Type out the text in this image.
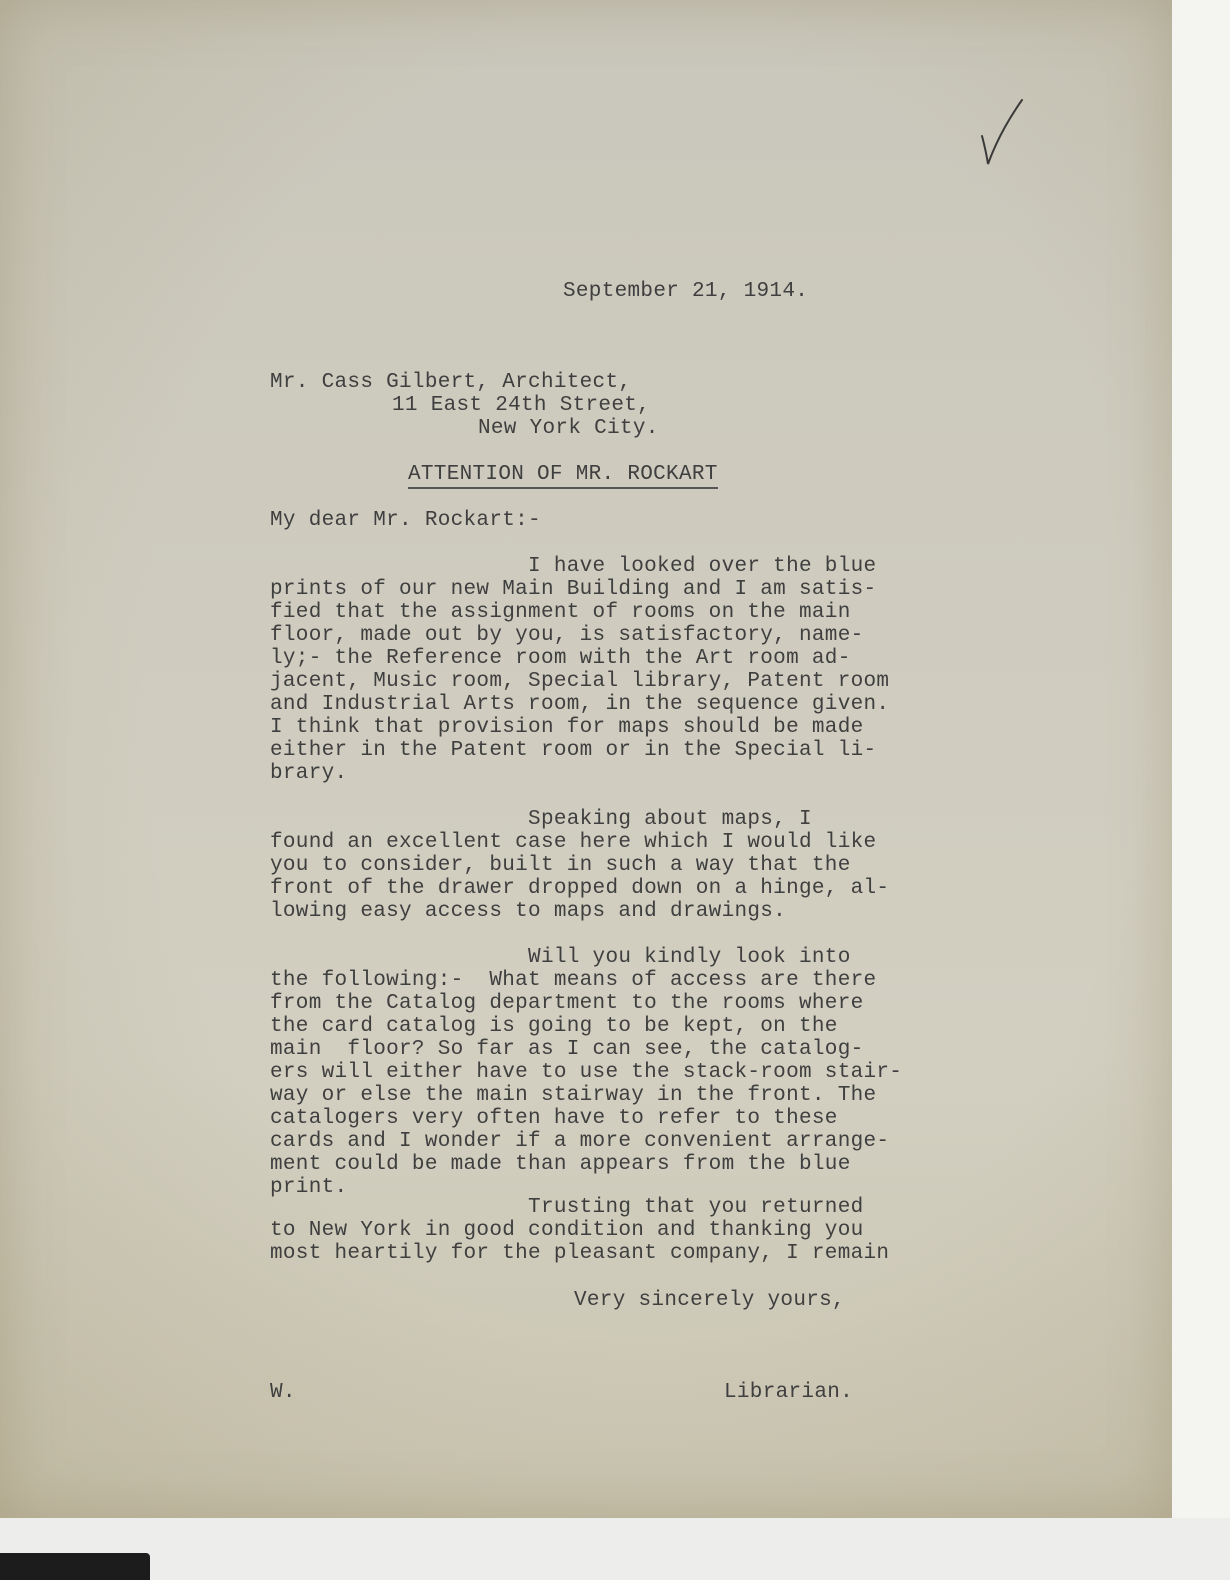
September 21, 1914.
Mr. Cass Gilbert, Architect,
11 East 24th Street,
New York City.
ATTENTION OF MR. ROCKART
My dear Mr. Rockart:-
I have looked over the blue
prints of our new Main Building and I am satis-
fied that the assignment of rooms on the main
floor, made out by you, is satisfactory, name-
ly;- the Reference room with the Art room ad-
jacent, Music room, Special library, Patent room
and Industrial Arts room, in the sequence given.
I think that provision for maps should be made
either in the Patent room or in the Special li-
brary.
Speaking about maps, I
found an excellent case here which I would like
you to consider, built in such a way that the
front of the drawer dropped down on a hinge, al-
lowing easy access to maps and drawings.
Will you kindly look into
the following:-  What means of access are there
from the Catalog department to the rooms where
the card catalog is going to be kept, on the
main  floor? So far as I can see, the catalog-
ers will either have to use the stack-room stair-
way or else the main stairway in the front. The
catalogers very often have to refer to these
cards and I wonder if a more convenient arrange-
ment could be made than appears from the blue
print.
Trusting that you returned
to New York in good condition and thanking you
most heartily for the pleasant company, I remain
Very sincerely yours,
W.	Librarian.
